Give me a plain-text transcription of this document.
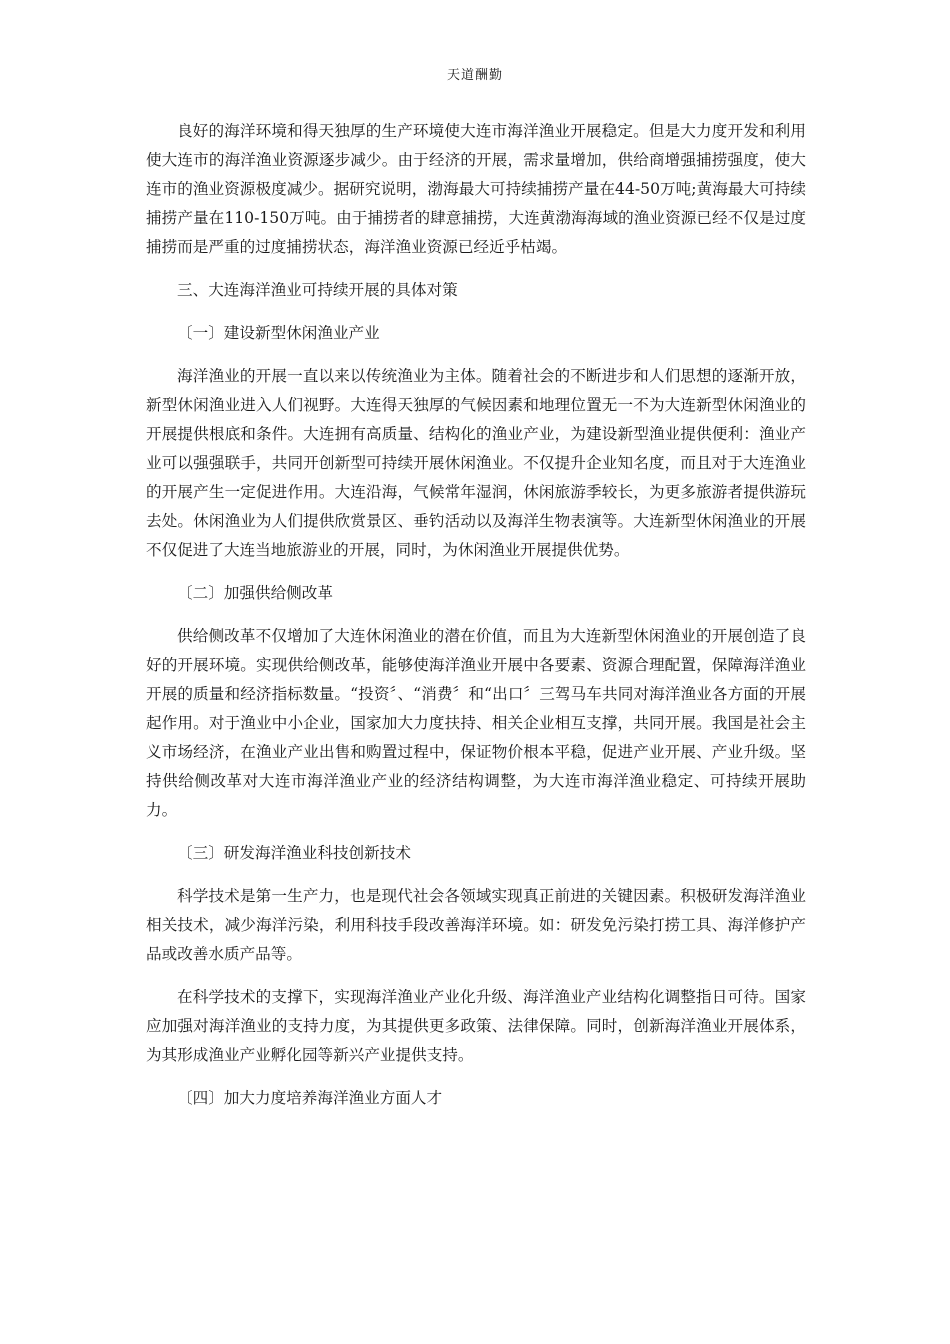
天道酬勤

良好的海洋环境和得天独厚的生产环境使大连市海洋渔业开展稳定。但是大力度开发和利用使大连市的海洋渔业资源逐步减少。由于经济的开展，需求量增加，供给商增强捕捞强度，使大连市的渔业资源极度减少。据研究说明，渤海最大可持续捕捞产量在44-50万吨;黄海最大可持续捕捞产量在110-150万吨。由于捕捞者的肆意捕捞，大连黄渤海海域的渔业资源已经不仅是过度捕捞而是严重的过度捕捞状态，海洋渔业资源已经近乎枯竭。

三、大连海洋渔业可持续开展的具体对策

〔一〕建设新型休闲渔业产业

海洋渔业的开展一直以来以传统渔业为主体。随着社会的不断进步和人们思想的逐渐开放，新型休闲渔业进入人们视野。大连得天独厚的气候因素和地理位置无一不为大连新型休闲渔业的开展提供根底和条件。大连拥有高质量、结构化的渔业产业，为建设新型渔业提供便利：渔业产业可以强强联手，共同开创新型可持续开展休闲渔业。不仅提升企业知名度，而且对于大连渔业的开展产生一定促进作用。大连沿海，气候常年湿润，休闲旅游季较长，为更多旅游者提供游玩去处。休闲渔业为人们提供欣赏景区、垂钓活动以及海洋生物表演等。大连新型休闲渔业的开展不仅促进了大连当地旅游业的开展，同时，为休闲渔业开展提供优势。

〔二〕加强供给侧改革

供给侧改革不仅增加了大连休闲渔业的潜在价值，而且为大连新型休闲渔业的开展创造了良好的开展环境。实现供给侧改革，能够使海洋渔业开展中各要素、资源合理配置，保障海洋渔业开展的质量和经济指标数量。“投资〞、“消费〞和“出口〞三驾马车共同对海洋渔业各方面的开展起作用。对于渔业中小企业，国家加大力度扶持、相关企业相互支撑，共同开展。我国是社会主义市场经济，在渔业产业出售和购置过程中，保证物价根本平稳，促进产业开展、产业升级。坚持供给侧改革对大连市海洋渔业产业的经济结构调整，为大连市海洋渔业稳定、可持续开展助力。

〔三〕研发海洋渔业科技创新技术

科学技术是第一生产力，也是现代社会各领域实现真正前进的关键因素。积极研发海洋渔业相关技术，减少海洋污染，利用科技手段改善海洋环境。如：研发免污染打捞工具、海洋修护产品或改善水质产品等。

在科学技术的支撑下，实现海洋渔业产业化升级、海洋渔业产业结构化调整指日可待。国家应加强对海洋渔业的支持力度，为其提供更多政策、法律保障。同时，创新海洋渔业开展体系，为其形成渔业产业孵化园等新兴产业提供支持。

〔四〕加大力度培养海洋渔业方面人才
